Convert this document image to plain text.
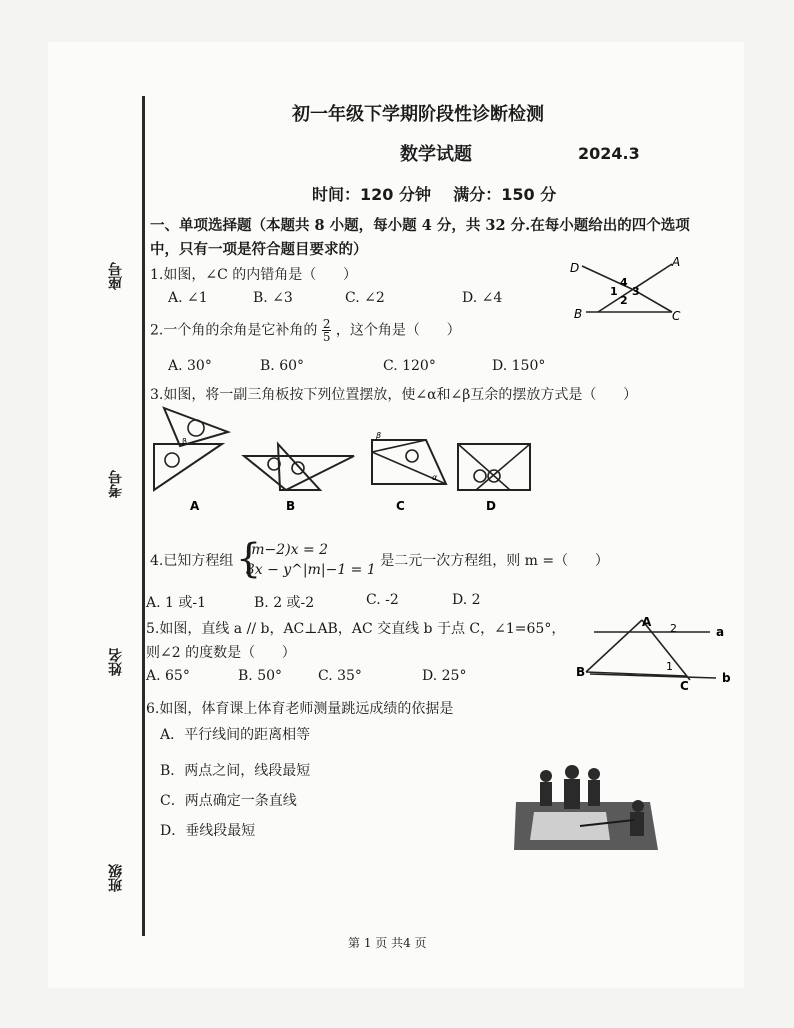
座号
考号
姓名
班级
初一年级下学期阶段性诊断检测
数学试题	2024.3
时间：120 分钟    满分：150 分
一、单项选择题（本题共 8 小题，每小题 4 分，共 32 分.在每小题给出的四个选项
中，只有一项是符合题目要求的）
1.如图，∠C 的内错角是（      ）
A. ∠1	B. ∠3	C. ∠2	D. ∠4
D	A
4
1 3
2
B	C
2.一个角的余角是它补角的 $\frac{2}{5}$ ，这个角是（      ）
A. 30°	B. 60°	C. 120°	D. 150°
3.如图，将一副三角板按下列位置摆放，使∠α和∠β互余的摆放方式是（      ）
β
A	B
β
α
C	D
4.已知方程组 {
(m−2)x = 2
3x − y^|m|−1 = 1
是二元一次方程组，则 m =（      ）
A. 1 或-1	B. 2 或-2	C. -2	D. 2
5.如图，直线 a // b，AC⊥AB，AC 交直线 b 于点 C，∠1=65°，
则∠2 的度数是（      ）
A. 65°	B. 50°	C. 35°	D. 25°
A 2	a
B	1
C
b
6.如图，体育课上体育老师测量跳远成绩的依据是
A．平行线间的距离相等
B．两点之间，线段最短
C．两点确定一条直线
D．垂线段最短
第 1 页 共4 页
